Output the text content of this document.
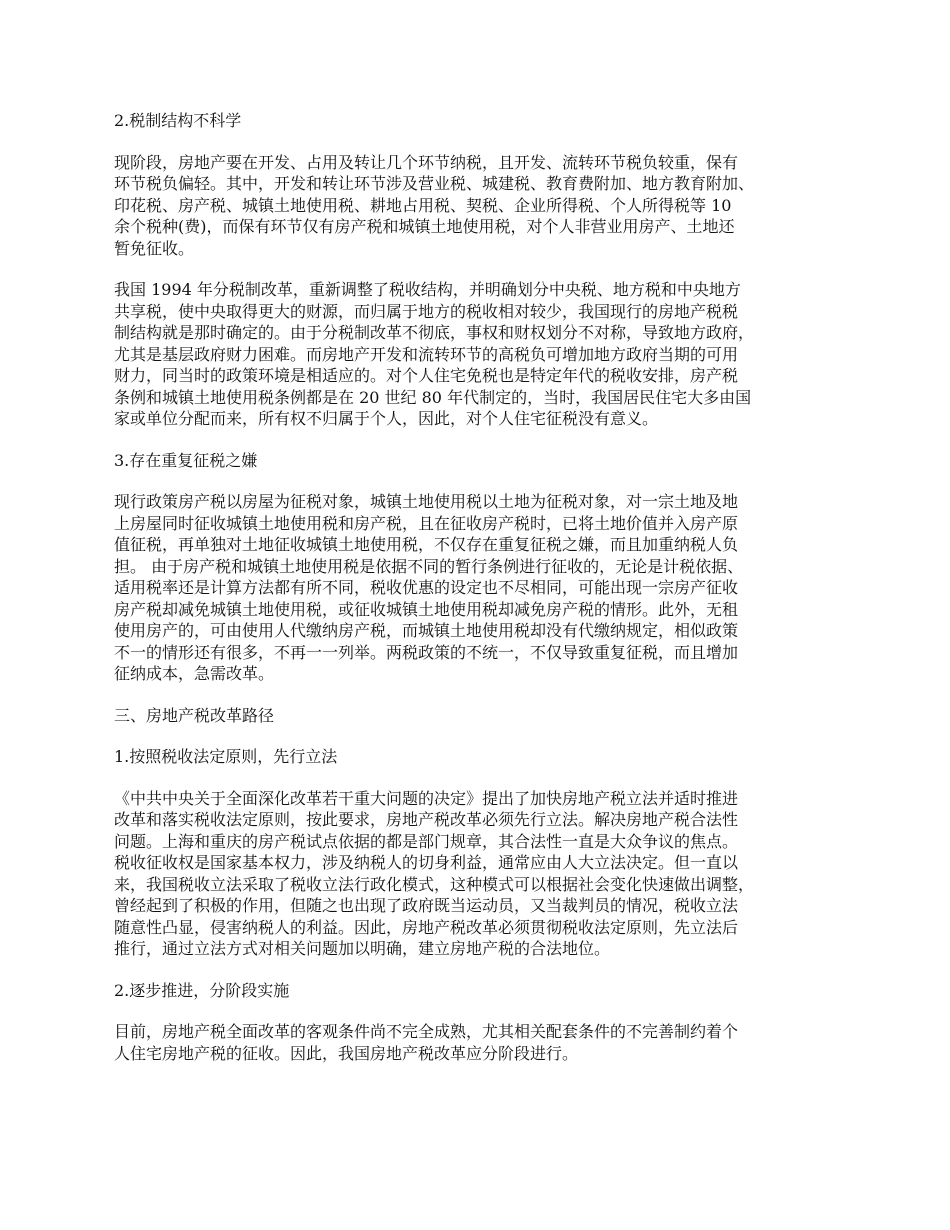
2.税制结构不科学
现阶段，房地产要在开发、占用及转让几个环节纳税，且开发、流转环节税负较重，保有
环节税负偏轻。其中，开发和转让环节涉及营业税、城建税、教育费附加、地方教育附加、
印花税、房产税、城镇土地使用税、耕地占用税、契税、企业所得税、个人所得税等 10
余个税种(费)，而保有环节仅有房产税和城镇土地使用税，对个人非营业用房产、土地还
暂免征收。
我国 1994 年分税制改革，重新调整了税收结构，并明确划分中央税、地方税和中央地方
共享税，使中央取得更大的财源，而归属于地方的税收相对较少，我国现行的房地产税税
制结构就是那时确定的。由于分税制改革不彻底，事权和财权划分不对称，导致地方政府，
尤其是基层政府财力困难。而房地产开发和流转环节的高税负可增加地方政府当期的可用
财力，同当时的政策环境是相适应的。对个人住宅免税也是特定年代的税收安排，房产税
条例和城镇土地使用税条例都是在 20 世纪 80 年代制定的，当时，我国居民住宅大多由国
家或单位分配而来，所有权不归属于个人，因此，对个人住宅征税没有意义。
3.存在重复征税之嫌
现行政策房产税以房屋为征税对象，城镇土地使用税以土地为征税对象，对一宗土地及地
上房屋同时征收城镇土地使用税和房产税，且在征收房产税时，已将土地价值并入房产原
值征税，再单独对土地征收城镇土地使用税，不仅存在重复征税之嫌，而且加重纳税人负
担。 由于房产税和城镇土地使用税是依据不同的暂行条例进行征收的，无论是计税依据、
适用税率还是计算方法都有所不同，税收优惠的设定也不尽相同，可能出现一宗房产征收
房产税却减免城镇土地使用税，或征收城镇土地使用税却减免房产税的情形。此外，无租
使用房产的，可由使用人代缴纳房产税，而城镇土地使用税却没有代缴纳规定，相似政策
不一的情形还有很多，不再一一列举。两税政策的不统一，不仅导致重复征税，而且增加
征纳成本，急需改革。
三、房地产税改革路径
1.按照税收法定原则，先行立法
《中共中央关于全面深化改革若干重大问题的决定》提出了加快房地产税立法并适时推进
改革和落实税收法定原则，按此要求，房地产税改革必须先行立法。解决房地产税合法性
问题。上海和重庆的房产税试点依据的都是部门规章，其合法性一直是大众争议的焦点。
税收征收权是国家基本权力，涉及纳税人的切身利益，通常应由人大立法决定。但一直以
来，我国税收立法采取了税收立法行政化模式，这种模式可以根据社会变化快速做出调整，
曾经起到了积极的作用，但随之也出现了政府既当运动员，又当裁判员的情况，税收立法
随意性凸显，侵害纳税人的利益。因此，房地产税改革必须贯彻税收法定原则，先立法后
推行，通过立法方式对相关问题加以明确，建立房地产税的合法地位。
2.逐步推进，分阶段实施
目前，房地产税全面改革的客观条件尚不完全成熟，尤其相关配套条件的不完善制约着个
人住宅房地产税的征收。因此，我国房地产税改革应分阶段进行。
